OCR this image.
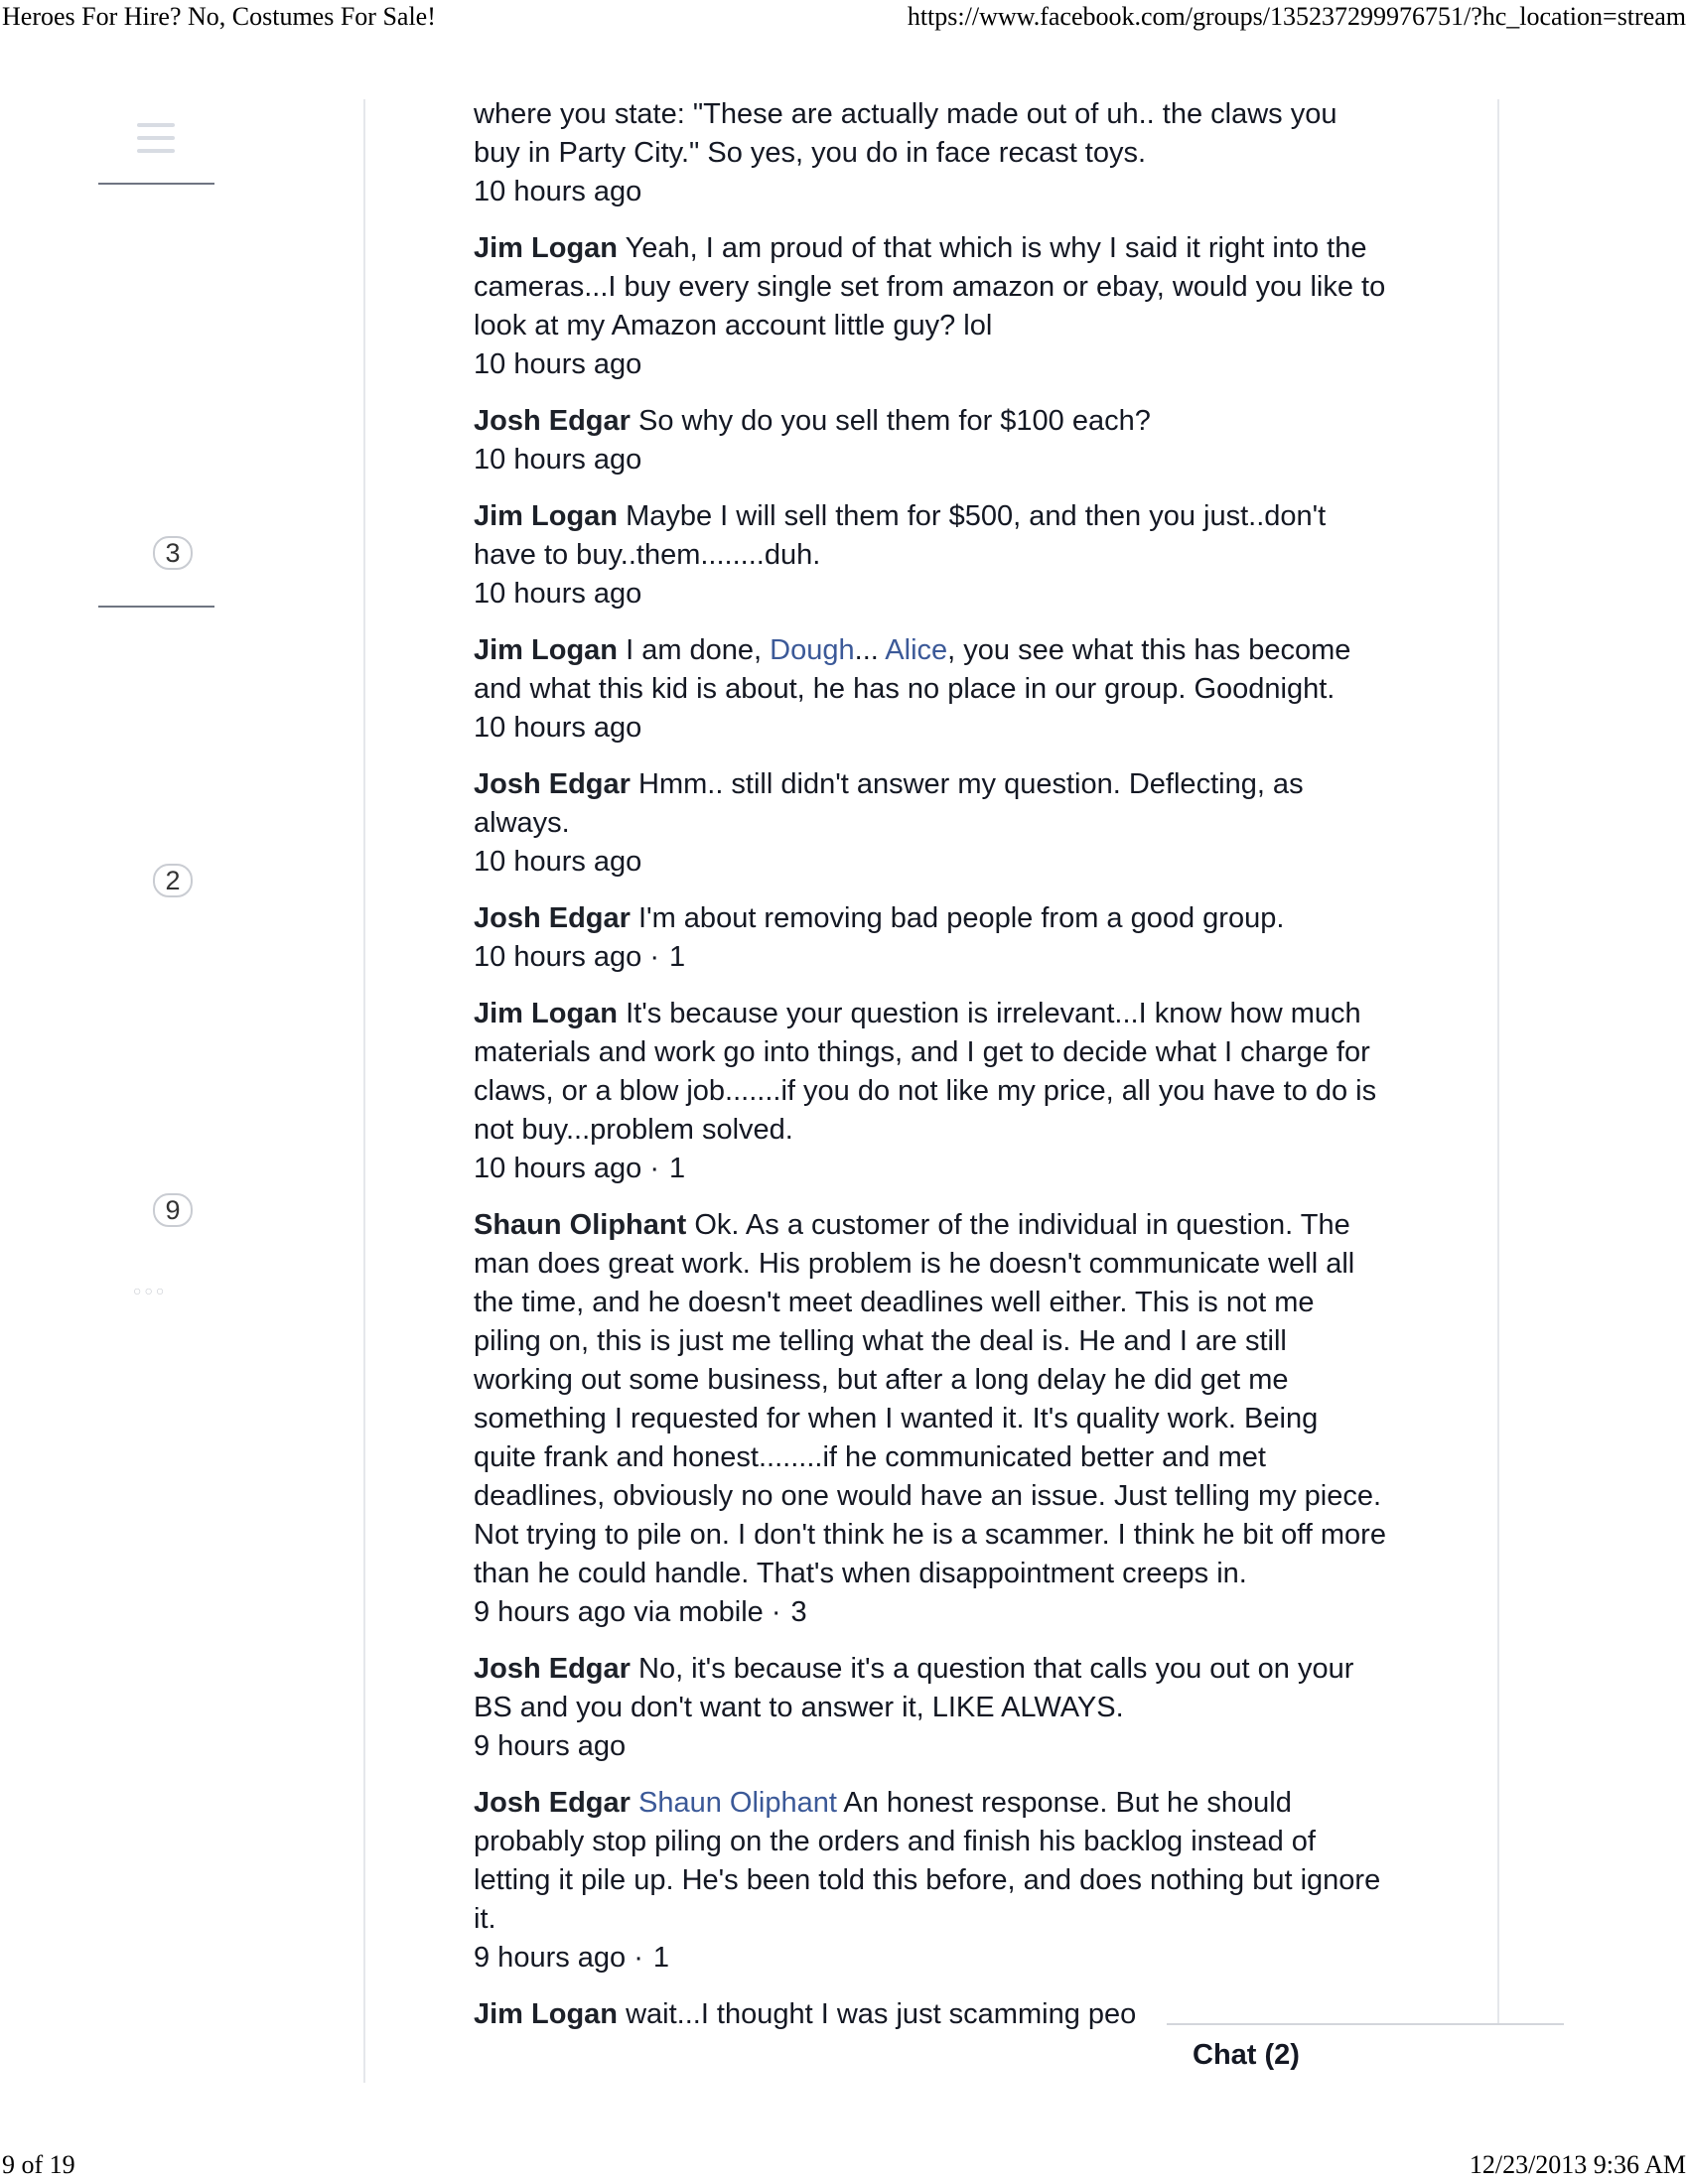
Heroes For Hire? No, Costumes For Sale!	https://www.facebook.com/groups/135237299976751/?hc_location=stream
3
2
9
○○○
where you state: "These are actually made out of uh.. the claws you buy in Party City." So yes, you do in face recast toys.
10 hours ago
Jim Logan Yeah, I am proud of that which is why I said it right into the cameras...I buy every single set from amazon or ebay, would you like to look at my Amazon account little guy? lol
10 hours ago
Josh Edgar So why do you sell them for $100 each?
10 hours ago
Jim Logan Maybe I will sell them for $500, and then you just..don't have to buy..them........duh.
10 hours ago
Jim Logan I am done, Dough... Alice, you see what this has become and what this kid is about, he has no place in our group. Goodnight.
10 hours ago
Josh Edgar Hmm.. still didn't answer my question. Deflecting, as always.
10 hours ago
Josh Edgar I'm about removing bad people from a good group.
10 hours ago · 1
Jim Logan It's because your question is irrelevant...I know how much materials and work go into things, and I get to decide what I charge for claws, or a blow job.......if you do not like my price, all you have to do is not buy...problem solved.
10 hours ago · 1
Shaun Oliphant Ok. As a customer of the individual in question. The man does great work. His problem is he doesn't communicate well all the time, and he doesn't meet deadlines well either. This is not me piling on, this is just me telling what the deal is. He and I are still working out some business, but after a long delay he did get me something I requested for when I wanted it. It's quality work. Being quite frank and honest........if he communicated better and met deadlines, obviously no one would have an issue. Just telling my piece. Not trying to pile on. I don't think he is a scammer. I think he bit off more than he could handle. That's when disappointment creeps in.
9 hours ago via mobile · 3
Josh Edgar No, it's because it's a question that calls you out on your BS and you don't want to answer it, LIKE ALWAYS.
9 hours ago
Josh Edgar Shaun Oliphant An honest response. But he should probably stop piling on the orders and finish his backlog instead of letting it pile up. He's been told this before, and does nothing but ignore it.
9 hours ago · 1
Jim Logan wait...I thought I was just scamming peo
Chat (2)
9 of 19	12/23/2013 9:36 AM
